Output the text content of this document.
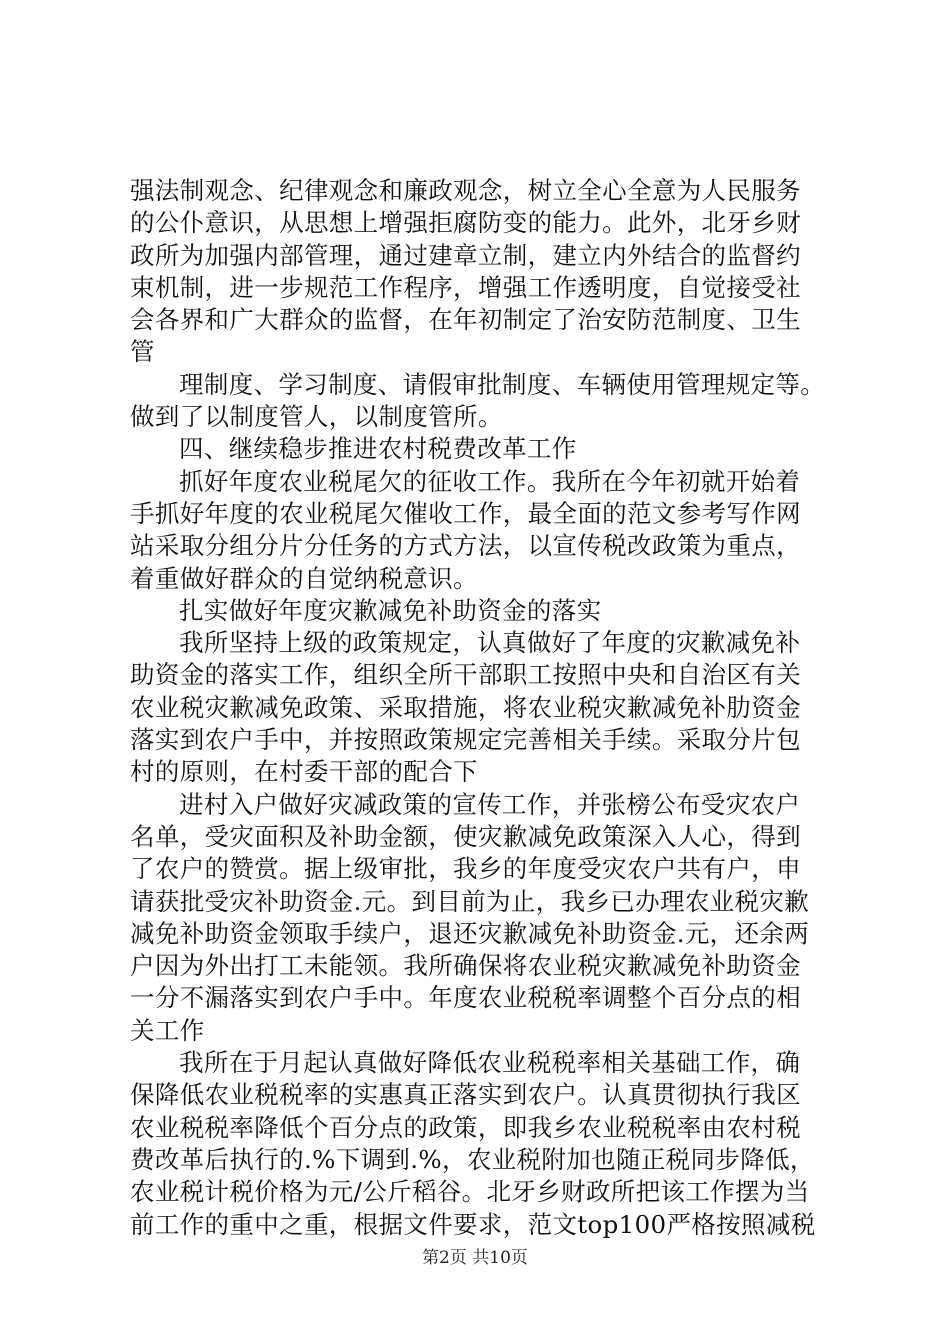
强法制观念、纪律观念和廉政观念，树立全心全意为人民服务
的公仆意识，从思想上增强拒腐防变的能力。此外，北牙乡财
政所为加强内部管理，通过建章立制，建立内外结合的监督约
束机制，进一步规范工作程序，增强工作透明度，自觉接受社
会各界和广大群众的监督，在年初制定了治安防范制度、卫生
管
理制度、学习制度、请假审批制度、车辆使用管理规定等。
做到了以制度管人，以制度管所。
四、继续稳步推进农村税费改革工作
抓好年度农业税尾欠的征收工作。我所在今年初就开始着
手抓好年度的农业税尾欠催收工作，最全面的范文参考写作网
站采取分组分片分任务的方式方法，以宣传税改政策为重点，
着重做好群众的自觉纳税意识。
扎实做好年度灾歉减免补助资金的落实
我所坚持上级的政策规定，认真做好了年度的灾歉减免补
助资金的落实工作，组织全所干部职工按照中央和自治区有关
农业税灾歉减免政策、采取措施，将农业税灾歉减免补肋资金
落实到农户手中，并按照政策规定完善相关手续。采取分片包
村的原则，在村委干部的配合下
进村入户做好灾减政策的宣传工作，并张榜公布受灾农户
名单，受灾面积及补助金额，使灾歉减免政策深入人心，得到
了农户的赞赏。据上级审批，我乡的年度受灾农户共有户，申
请获批受灾补助资金.元。到目前为止，我乡已办理农业税灾歉
减免补助资金领取手续户，退还灾歉减免补助资金.元，还余两
户因为外出打工未能领。我所确保将农业税灾歉减免补助资金
一分不漏落实到农户手中。年度农业税税率调整个百分点的相
关工作
我所在于月起认真做好降低农业税税率相关基础工作，确
保降低农业税税率的实惠真正落实到农户。认真贯彻执行我区
农业税税率降低个百分点的政策，即我乡农业税税率由农村税
费改革后执行的.%下调到.%，农业税附加也随正税同步降低，
农业税计税价格为元/公斤稻谷。北牙乡财政所把该工作摆为当
前工作的重中之重，根据文件要求，范文top100严格按照减税
第2页 共10页
